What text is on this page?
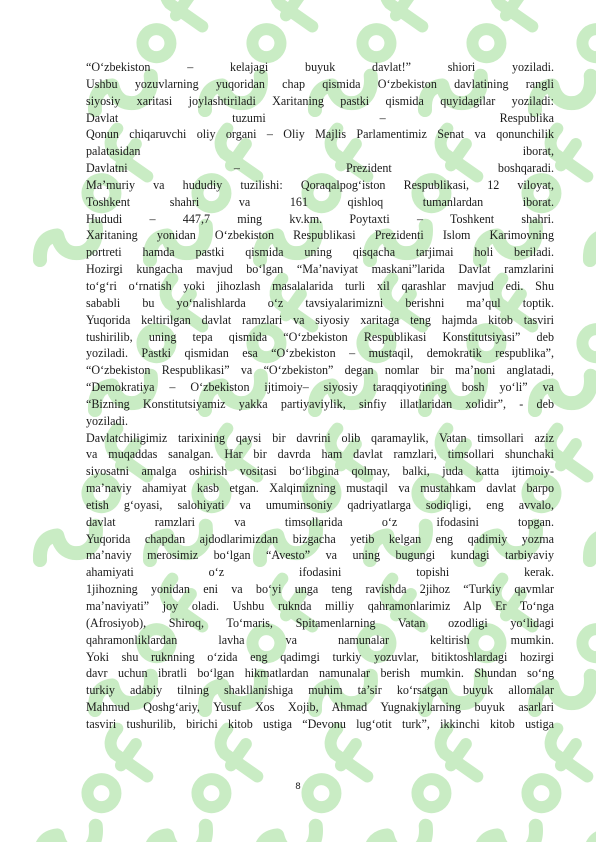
“O‘zbekiston – kelajagi buyuk davlat!” shiori yoziladi.
Ushbu yozuvlarning yuqoridan chap qismida O‘zbekiston davlatining rangli
siyosiy xaritasi joylashtiriladi Xaritaning pastki qismida quyidagilar yoziladi:
Davlat tuzumi – Respublika
Qonun chiqaruvchi oliy organi – Oliy Majlis Parlamentimiz Senat va qonunchilik
palatasidan iborat,
Davlatni – Prezident boshqaradi.
Ma’muriy va hududiy tuzilishi: Qoraqalpog‘iston Respublikasi, 12 viloyat,
Toshkent shahri va 161 qishloq tumanlardan iborat.
Hududi – 447,7 ming kv.km. Poytaxti – Toshkent shahri.
Xaritaning yonidan O‘zbekiston Respublikasi Prezidenti Islom Karimovning
portreti hamda pastki qismida uning qisqacha tarjimai holi beriladi.
Hozirgi kungacha mavjud bo‘lgan “Ma’naviyat maskani”larida Davlat ramzlarini
to‘g‘ri o‘rnatish yoki jihozlash masalalarida turli xil qarashlar mavjud edi. Shu
sababli bu yo‘nalishlarda o‘z tavsiyalarimizni berishni ma’qul toptik.
Yuqorida keltirilgan davlat ramzlari va siyosiy xaritaga teng hajmda kitob tasviri
tushirilib, uning tepa qismida “O‘zbekiston Respublikasi Konstitutsiyasi” deb
yoziladi. Pastki qismidan esa “O‘zbekiston – mustaqil, demokratik respublika”,
“O‘zbekiston Respublikasi” va “O‘zbekiston” degan nomlar bir ma’noni anglatadi,
“Demokratiya – O‘zbekiston ijtimoiy– siyosiy taraqqiyotining bosh yo‘li” va
“Bizning Konstitutsiyamiz yakka partiyaviylik, sinfiy illatlaridan xolidir”, - deb
yoziladi.
Davlatchiligimiz tarixining qaysi bir davrini olib qaramaylik, Vatan timsollari aziz
va muqaddas sanalgan. Har bir davrda ham davlat ramzlari, timsollari shunchaki
siyosatni amalga oshirish vositasi bo‘libgina qolmay, balki, juda katta ijtimoiy-
ma’naviy ahamiyat kasb etgan. Xalqimizning mustaqil va mustahkam davlat barpo
etish g‘oyasi, salohiyati va umuminsoniy qadriyatlarga sodiqligi, eng avvalo,
davlat ramzlari va timsollarida o‘z ifodasini topgan.
Yuqorida chapdan ajdodlarimizdan bizgacha yetib kelgan eng qadimiy yozma
ma’naviy merosimiz bo‘lgan “Avesto” va uning bugungi kundagi tarbiyaviy
ahamiyati o‘z ifodasini topishi kerak.
1jihozning yonidan eni va bo‘yi unga teng ravishda 2jihoz “Turkiy qavmlar
ma’naviyati” joy oladi. Ushbu ruknda milliy qahramonlarimiz Alp Er To‘nga
(Afrosiyob), Shiroq, To‘maris, Spitamenlarning Vatan ozodligi yo‘lidagi
qahramonliklardan lavha va namunalar keltirish mumkin.
Yoki shu ruknning o‘zida eng qadimgi turkiy yozuvlar, bitiktoshlardagi hozirgi
davr uchun ibratli bo‘lgan hikmatlardan namunalar berish mumkin. Shundan so‘ng
turkiy adabiy tilning shakllanishiga muhim ta’sir ko‘rsatgan buyuk allomalar
Mahmud Qoshg‘ariy, Yusuf Xos Xojib, Ahmad Yugnakiylarning buyuk asarlari
tasviri tushurilib, birichi kitob ustiga “Devonu lug‘otit turk”, ikkinchi kitob ustiga
8
